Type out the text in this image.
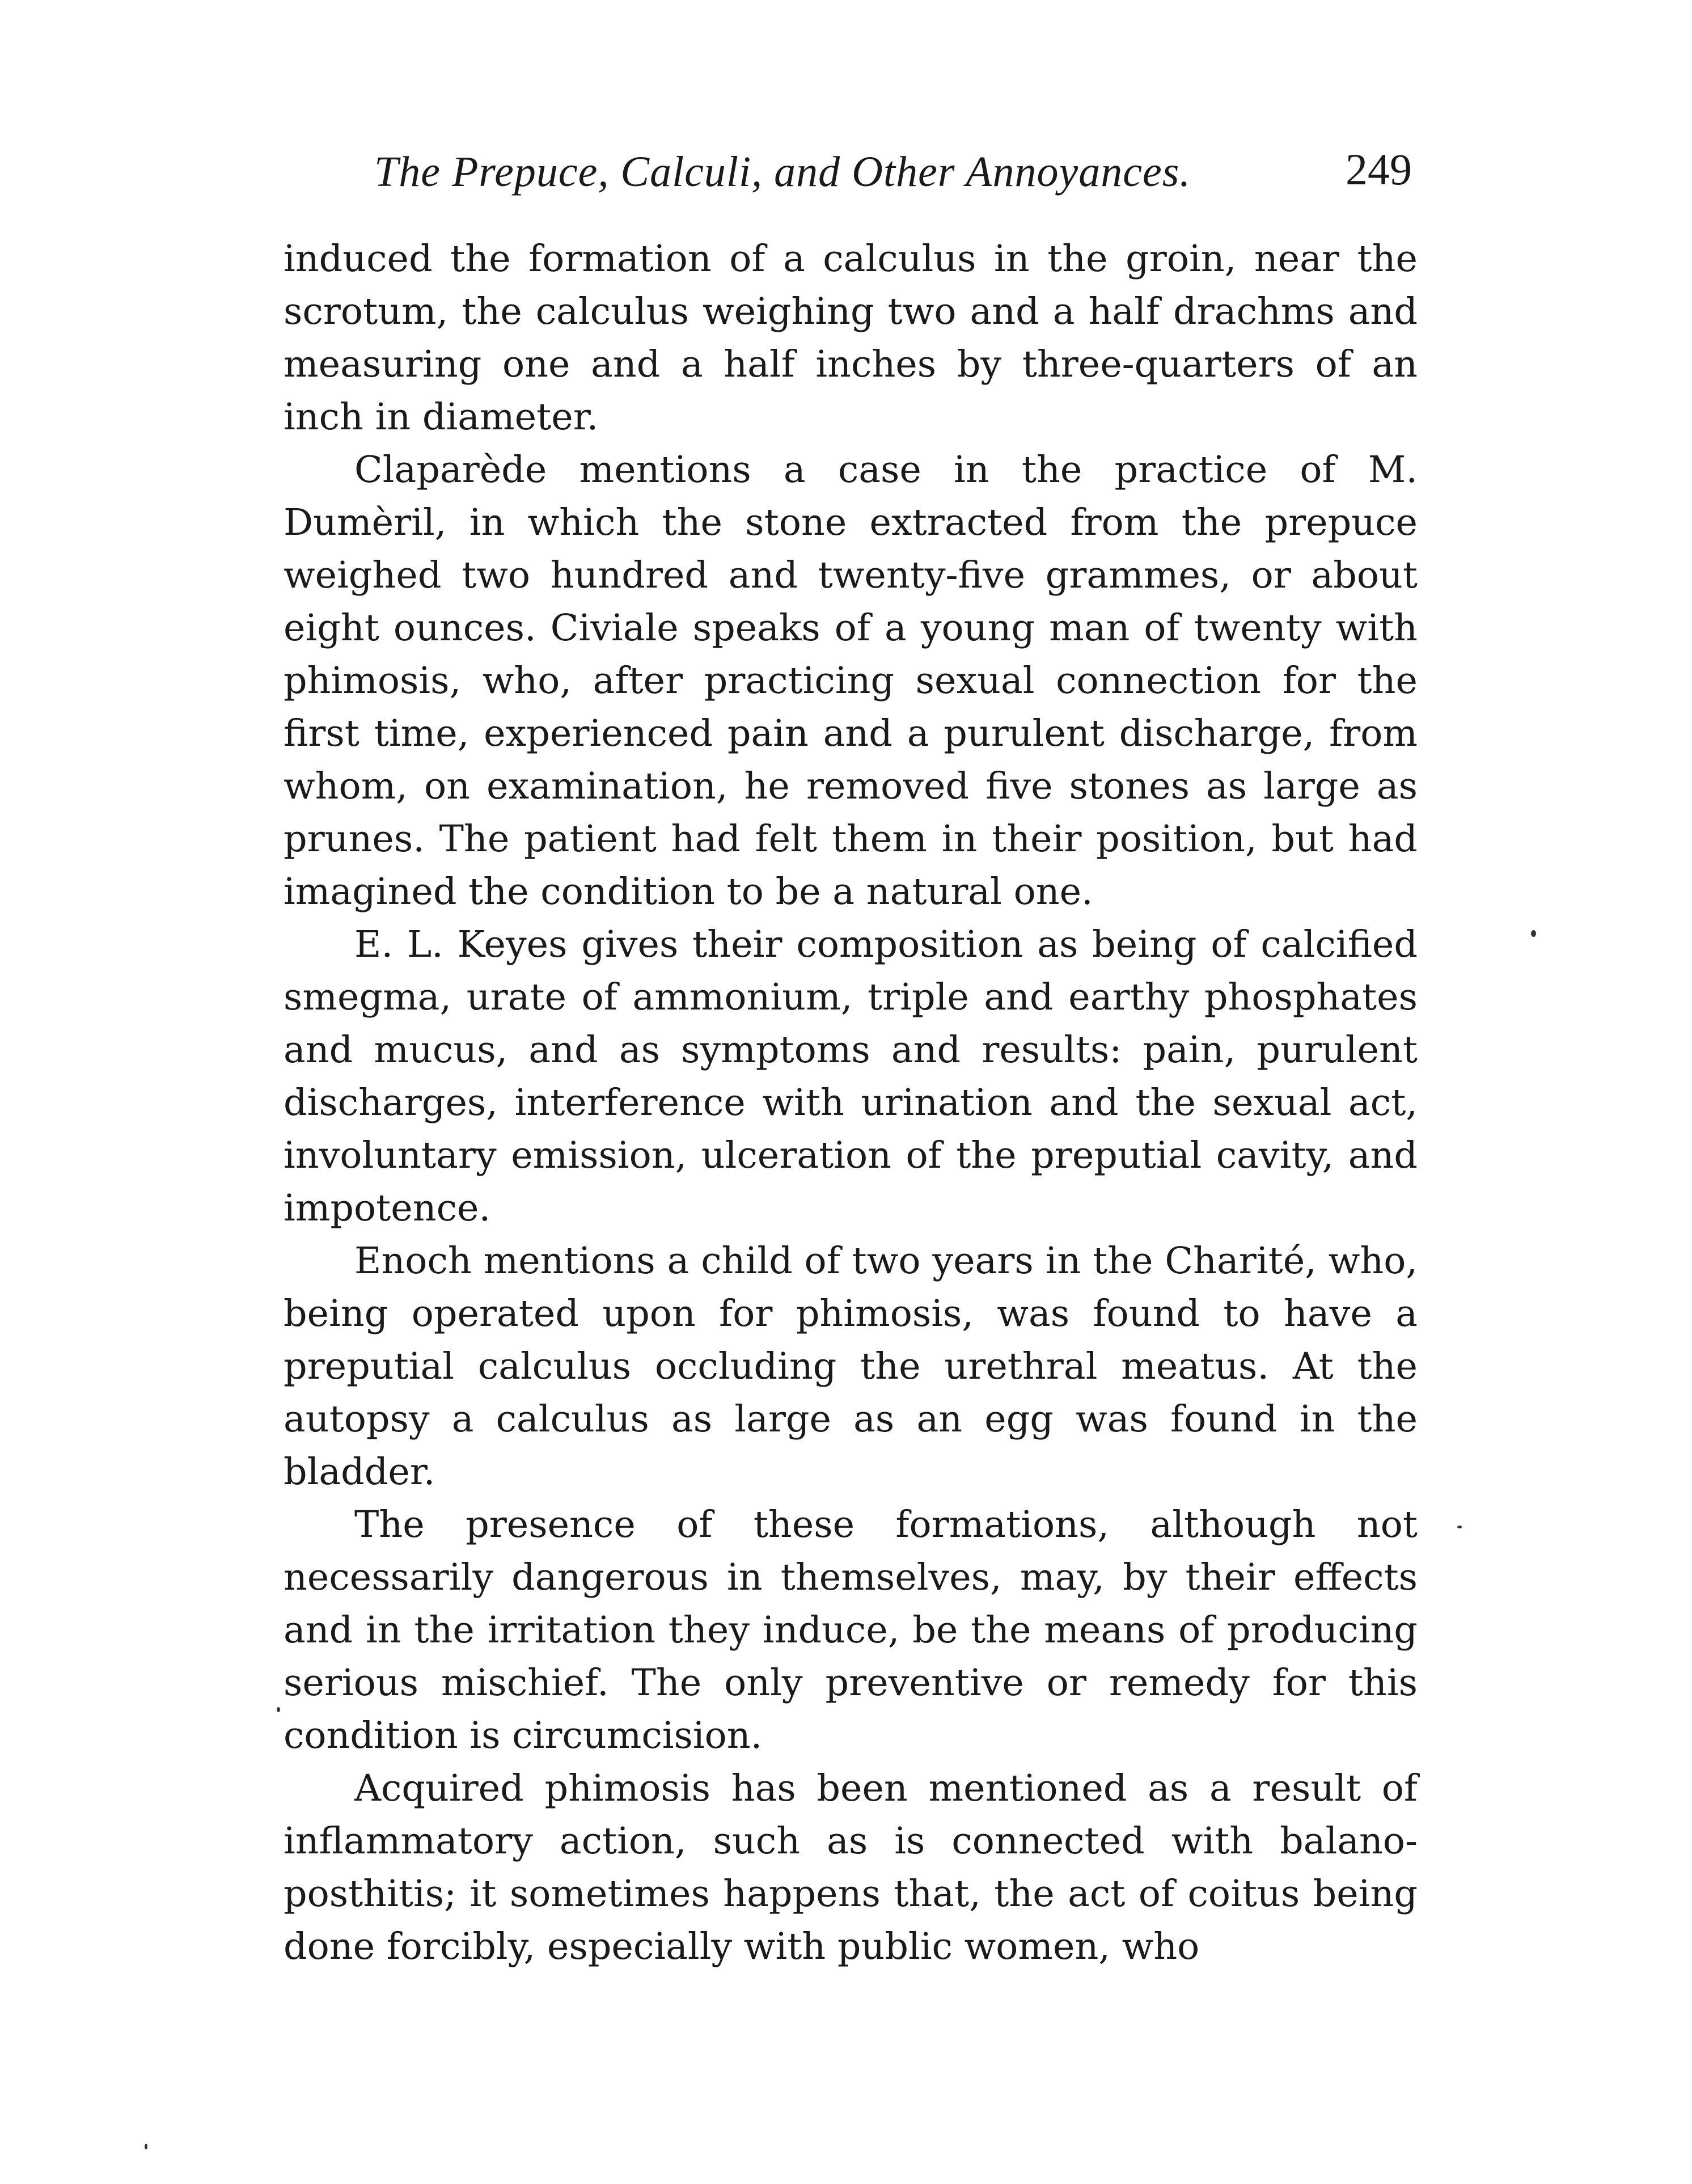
The Prepuce, Calculi, and Other Annoyances.	249

induced the formation of a calculus in the groin, near the scrotum, the calculus weighing two and a half drachms and measuring one and a half inches by three-quarters of an inch in diameter.

Claparède mentions a case in the practice of M. Dumèril, in which the stone extracted from the prepuce weighed two hundred and twenty-five grammes, or about eight ounces. Civiale speaks of a young man of twenty with phimosis, who, after practicing sexual connection for the first time, experienced pain and a purulent discharge, from whom, on examination, he removed five stones as large as prunes. The patient had felt them in their position, but had imagined the condition to be a natural one.

E. L. Keyes gives their composition as being of calcified smegma, urate of ammonium, triple and earthy phosphates and mucus, and as symptoms and results: pain, purulent discharges, interference with urination and the sexual act, involuntary emission, ulceration of the preputial cavity, and impotence.

Enoch mentions a child of two years in the Charité, who, being operated upon for phimosis, was found to have a preputial calculus occluding the urethral meatus. At the autopsy a calculus as large as an egg was found in the bladder.

The presence of these formations, although not necessarily dangerous in themselves, may, by their effects and in the irritation they induce, be the means of producing serious mischief. The only preventive or remedy for this condition is circumcision.

Acquired phimosis has been mentioned as a result of inflammatory action, such as is connected with balano-posthitis; it sometimes happens that, the act of coitus being done forcibly, especially with public women, who
